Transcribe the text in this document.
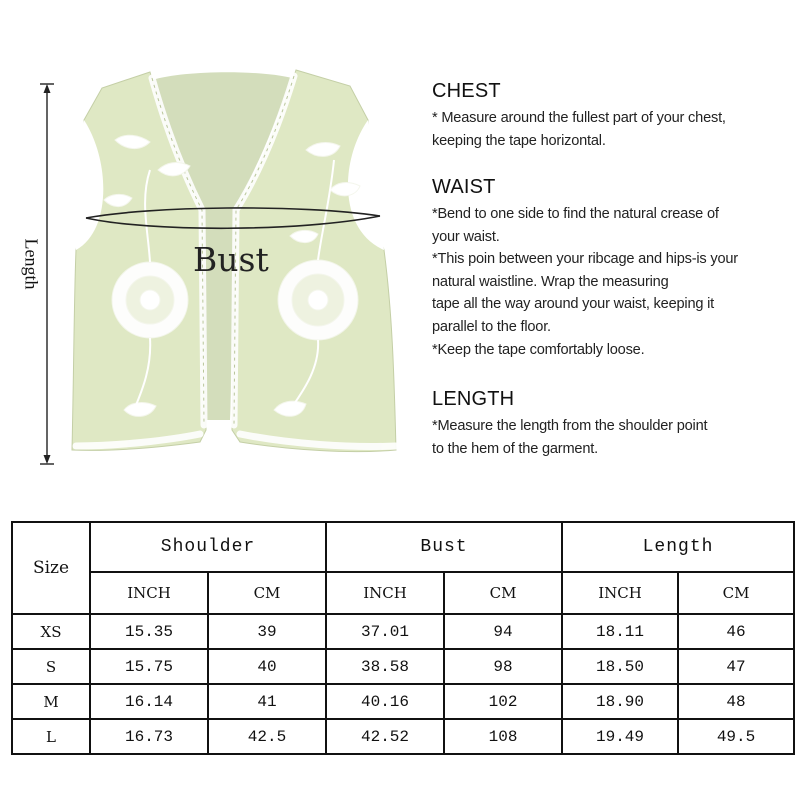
Length	Bust
CHEST
* Measure around the fullest part of your chest,
keeping the tape horizontal.
WAIST
*Bend to one side to find the natural crease of
your waist.
*This poin between your ribcage and hips-is your
natural waistline. Wrap the measuring
tape all the way around your waist, keeping it
parallel to the floor.
*Keep the tape comfortably loose.
LENGTH
*Measure the length from the shoulder point
to the hem of the garment.
Size	Shoulder		Bust		Length	
	INCH	CM	INCH	CM	INCH	CM
XS	15.35	39	37.01	94	18.11	46
S	15.75	40	38.58	98	18.50	47
M	16.14	41	40.16	102	18.90	48
L	16.73	42.5	42.52	108	19.49	49.5
